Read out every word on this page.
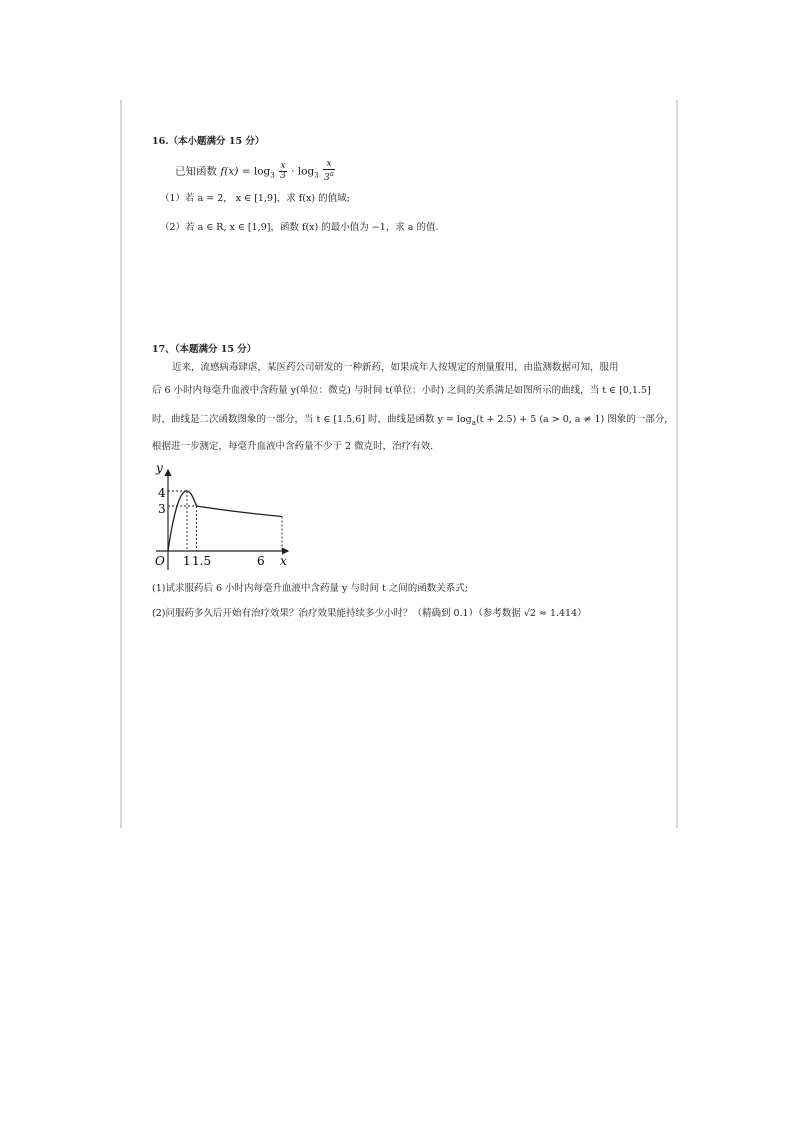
16.（本小题满分 15 分）
已知函数 $f(x) = \log_3 \frac{x}{3} \cdot \log_3 \frac{x}{3^a}$
（1）若 a = 2， x ∈ [1,9]，求 f(x) 的值域;
（2）若 a ∈ R, x ∈ [1,9]，函数 f(x) 的最小值为 −1，求 a 的值.
17、（本题满分 15 分）
近来，流感病毒肆虐，某医药公司研发的一种新药，如果成年人按规定的剂量服用，由监测数据可知，服用
后 6 小时内每毫升血液中含药量 y(单位：微克) 与时间 t(单位：小时) 之间的关系满足如图所示的曲线，当 t ∈ [0,1.5]
时，曲线是二次函数图象的一部分，当 t ∈ [1.5,6] 时，曲线是函数 $y = \log_a(t + 2.5) + 5$ (a > 0, a ≠ 1) 图象的一部分，
根据进一步测定，每毫升血液中含药量不少于 2 微克时，治疗有效.
y
x
O
4
3
1 1.5	6
(1)试求服药后 6 小时内每毫升血液中含药量 y 与时间 t 之间的函数关系式;
(2)问服药多久后开始有治疗效果？治疗效果能持续多少小时？（精确到 0.1）（参考数据 √2 ≈ 1.414）
